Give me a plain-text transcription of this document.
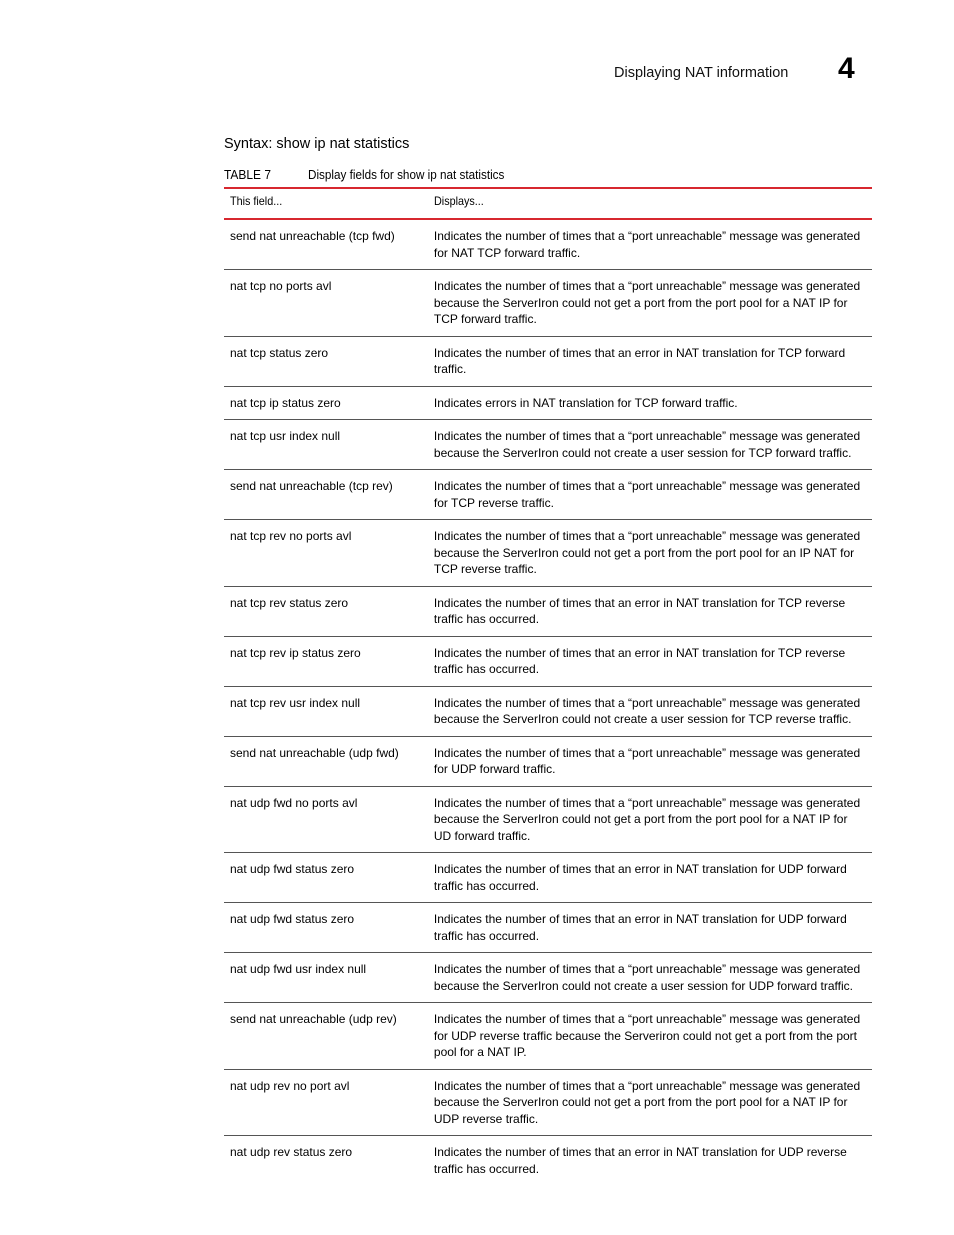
Displaying NAT information 4
Syntax: show ip nat statistics
TABLE 7	Display fields for show ip nat statistics
This field...	Displays...
send nat unreachable (tcp fwd)	Indicates the number of times that a “port unreachable” message was generated for NAT TCP forward traffic.
nat tcp no ports avl	Indicates the number of times that a “port unreachable” message was generated because the ServerIron could not get a port from the port pool for a NAT IP for TCP forward traffic.
nat tcp status zero	Indicates the number of times that an error in NAT translation for TCP forward traffic.
nat tcp ip status zero	Indicates errors in NAT translation for TCP forward traffic.
nat tcp usr index null	Indicates the number of times that a “port unreachable” message was generated because the ServerIron could not create a user session for TCP forward traffic.
send nat unreachable (tcp rev)	Indicates the number of times that a “port unreachable” message was generated for TCP reverse traffic.
nat tcp rev no ports avl	Indicates the number of times that a “port unreachable” message was generated because the ServerIron could not get a port from the port pool for an IP NAT for TCP reverse traffic.
nat tcp rev status zero	Indicates the number of times that an error in NAT translation for TCP reverse traffic has occurred.
nat tcp rev ip status zero	Indicates the number of times that an error in NAT translation for TCP reverse traffic has occurred.
nat tcp rev usr index null	Indicates the number of times that a “port unreachable” message was generated because the ServerIron could not create a user session for TCP reverse traffic.
send nat unreachable (udp fwd)	Indicates the number of times that a “port unreachable” message was generated for UDP forward traffic.
nat udp fwd no ports avl	Indicates the number of times that a “port unreachable” message was generated because the ServerIron could not get a port from the port pool for a NAT IP for UD forward traffic.
nat udp fwd status zero	Indicates the number of times that an error in NAT translation for UDP forward traffic has occurred.
nat udp fwd status zero	Indicates the number of times that an error in NAT translation for UDP forward traffic has occurred.
nat udp fwd usr index null	Indicates the number of times that a “port unreachable” message was generated because the ServerIron could not create a user session for UDP forward traffic.
send nat unreachable (udp rev)	Indicates the number of times that a “port unreachable” message was generated for UDP reverse traffic because the Serveriron could not get a port from the port pool for a NAT IP.
nat udp rev no port avl	Indicates the number of times that a “port unreachable” message was generated because the ServerIron could not get a port from the port pool for a NAT IP for UDP reverse traffic.
nat udp rev status zero	Indicates the number of times that an error in NAT translation for UDP reverse traffic has occurred.
